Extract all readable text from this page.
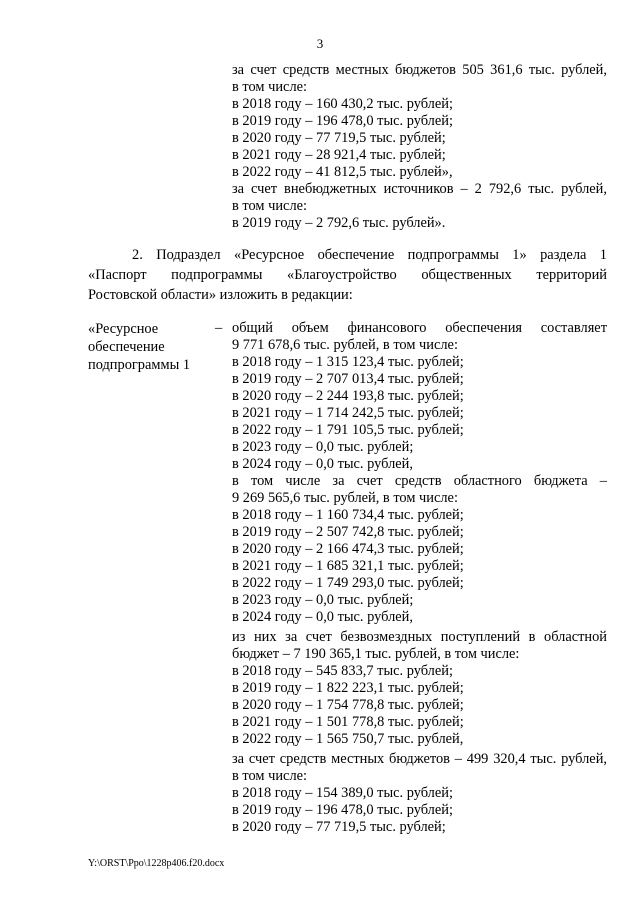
3
за счет средств местных бюджетов 505 361,6 тыс. рублей,
в том числе:
в 2018 году – 160 430,2 тыс. рублей;
в 2019 году – 196 478,0 тыс. рублей;
в 2020 году – 77 719,5 тыс. рублей;
в 2021 году – 28 921,4 тыс. рублей;
в 2022 году – 41 812,5 тыс. рублей»,
за счет внебюджетных источников – 2 792,6 тыс. рублей,
в том числе:
в 2019 году – 2 792,6 тыс. рублей».
2. Подраздел «Ресурсное обеспечение подпрограммы 1» раздела 1
«Паспорт подпрограммы «Благоустройство общественных территорий
Ростовской области» изложить в редакции:
«Ресурсное
обеспечение
подпрограммы 1
– общий объем финансового обеспечения составляет
9 771 678,6 тыс. рублей, в том числе:
в 2018 году – 1 315 123,4 тыс. рублей;
в 2019 году – 2 707 013,4 тыс. рублей;
в 2020 году – 2 244 193,8 тыс. рублей;
в 2021 году – 1 714 242,5 тыс. рублей;
в 2022 году – 1 791 105,5 тыс. рублей;
в 2023 году – 0,0 тыс. рублей;
в 2024 году – 0,0 тыс. рублей,
в том числе за счет средств областного бюджета –
9 269 565,6 тыс. рублей, в том числе:
в 2018 году – 1 160 734,4 тыс. рублей;
в 2019 году – 2 507 742,8 тыс. рублей;
в 2020 году – 2 166 474,3 тыс. рублей;
в 2021 году – 1 685 321,1 тыс. рублей;
в 2022 году – 1 749 293,0 тыс. рублей;
в 2023 году – 0,0 тыс. рублей;
в 2024 году – 0,0 тыс. рублей,
из них за счет безвозмездных поступлений в областной
бюджет – 7 190 365,1 тыс. рублей, в том числе:
в 2018 году – 545 833,7 тыс. рублей;
в 2019 году – 1 822 223,1 тыс. рублей;
в 2020 году – 1 754 778,8 тыс. рублей;
в 2021 году – 1 501 778,8 тыс. рублей;
в 2022 году – 1 565 750,7 тыс. рублей,
за счет средств местных бюджетов – 499 320,4 тыс. рублей,
в том числе:
в 2018 году – 154 389,0 тыс. рублей;
в 2019 году – 196 478,0 тыс. рублей;
в 2020 году – 77 719,5 тыс. рублей;
Y:\ORST\Ppo\1228p406.f20.docx
